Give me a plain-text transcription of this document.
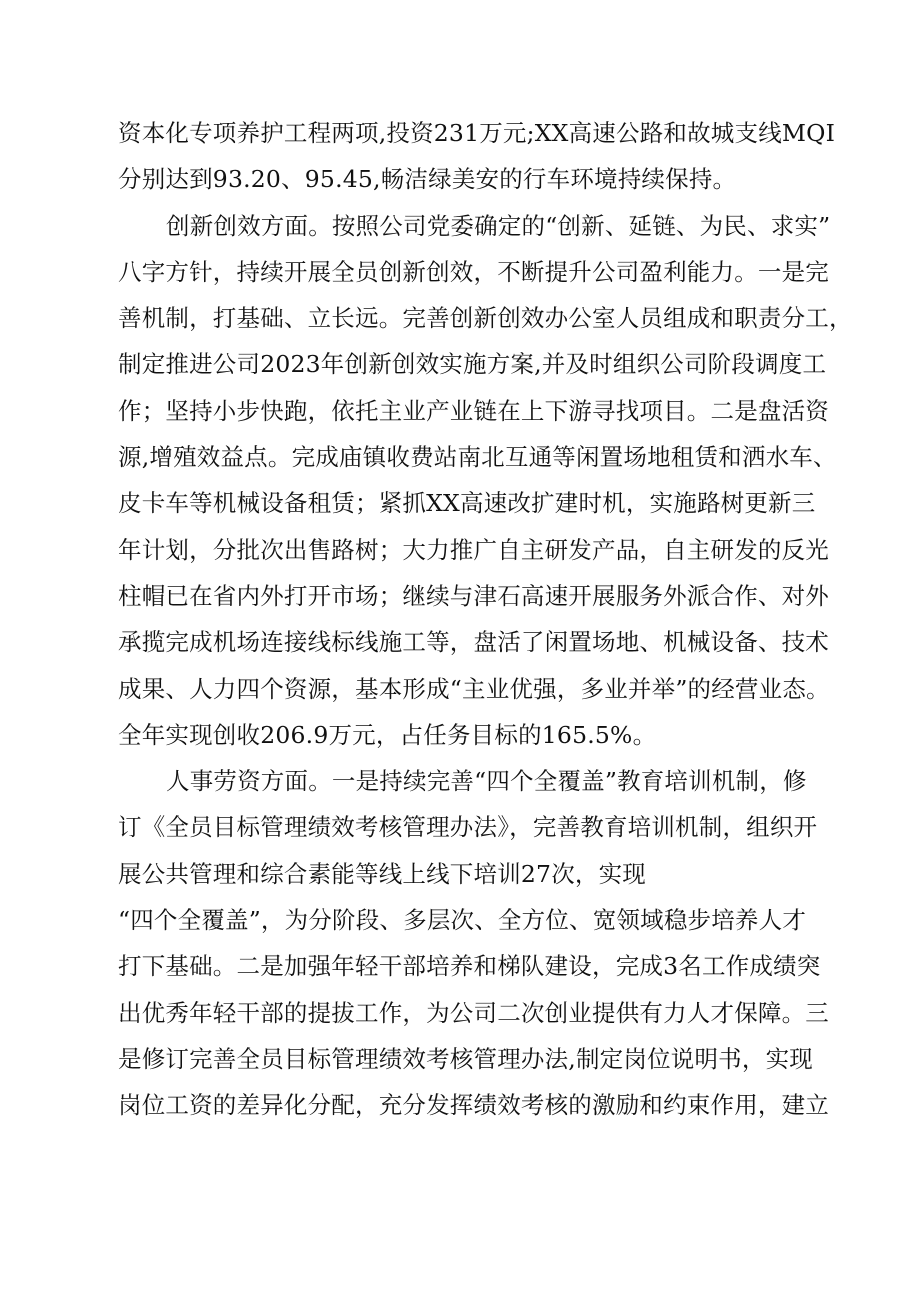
资本化专项养护工程两项,投资231万元;XX高速公路和故城支线MQI
分别达到93.20、95.45,畅洁绿美安的行车环境持续保持。
创新创效方面。按照公司党委确定的“创新、延链、为民、求实”
八字方针，持续开展全员创新创效，不断提升公司盈利能力。一是完
善机制，打基础、立长远。完善创新创效办公室人员组成和职责分工，
制定推进公司2023年创新创效实施方案,并及时组织公司阶段调度工
作；坚持小步快跑，依托主业产业链在上下游寻找项目。二是盘活资
源,增殖效益点。完成庙镇收费站南北互通等闲置场地租赁和洒水车、
皮卡车等机械设备租赁；紧抓XX高速改扩建时机，实施路树更新三
年计划，分批次出售路树；大力推广自主研发产品，自主研发的反光
柱帽已在省内外打开市场；继续与津石高速开展服务外派合作、对外
承揽完成机场连接线标线施工等，盘活了闲置场地、机械设备、技术
成果、人力四个资源，基本形成“主业优强，多业并举”的经营业态。
全年实现创收206.9万元，占任务目标的165.5%。
人事劳资方面。一是持续完善“四个全覆盖”教育培训机制，修
订《全员目标管理绩效考核管理办法》，完善教育培训机制，组织开
展公共管理和综合素能等线上线下培训27次，实现
“四个全覆盖”，为分阶段、多层次、全方位、宽领域稳步培养人才
打下基础。二是加强年轻干部培养和梯队建设，完成3名工作成绩突
出优秀年轻干部的提拔工作，为公司二次创业提供有力人才保障。三
是修订完善全员目标管理绩效考核管理办法,制定岗位说明书，实现
岗位工资的差异化分配，充分发挥绩效考核的激励和约束作用，建立
